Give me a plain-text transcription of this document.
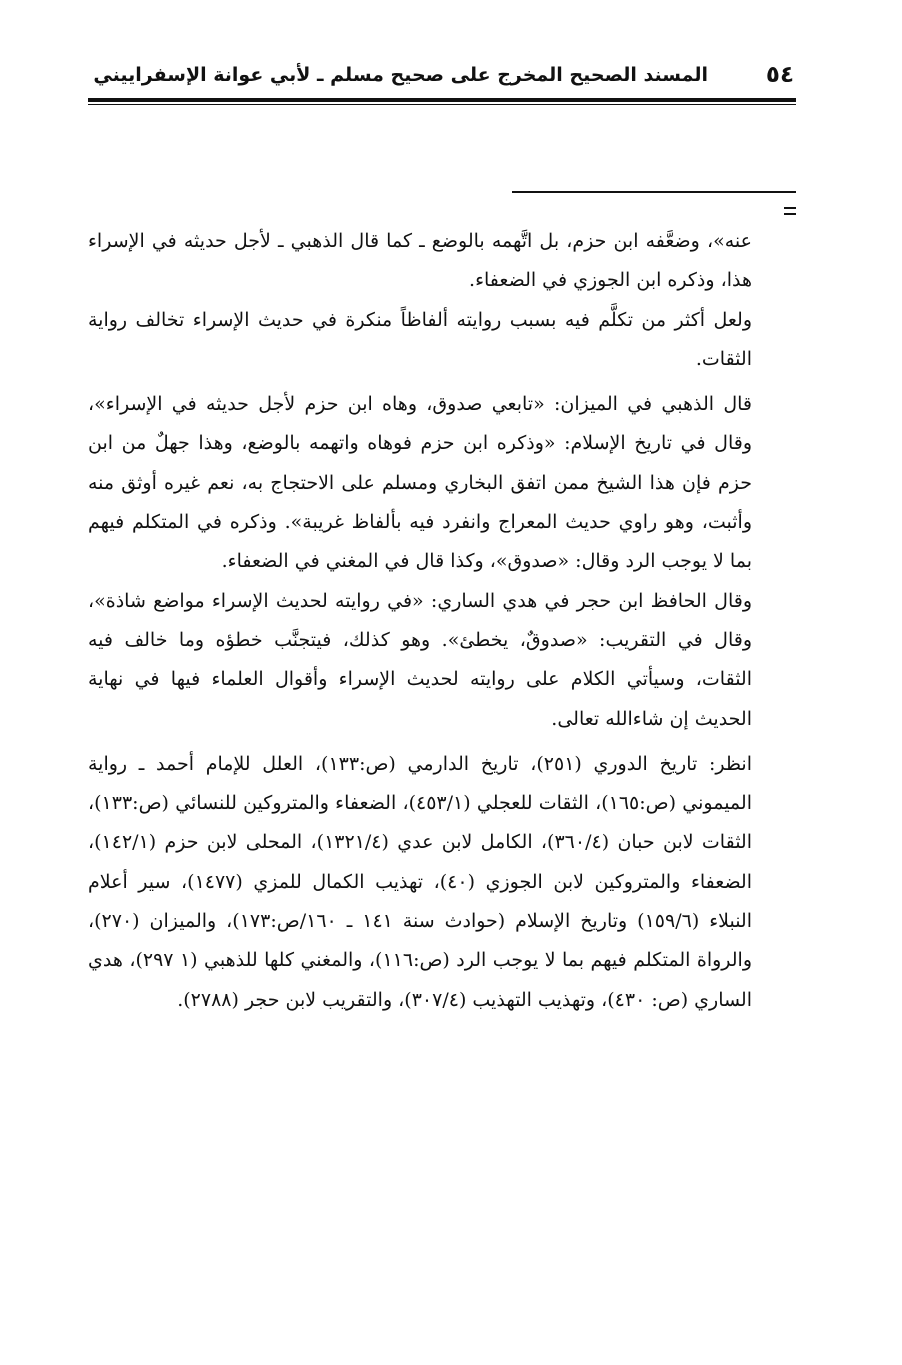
٥٤
المسند الصحيح المخرج على صحيح مسلم ـ لأبي عوانة الإسفراييني

عنه»، وضعَّفه ابن حزم، بل اتَّهمه بالوضع ـ كما قال الذهبي ـ لأجل حديثه في الإسراء هذا، وذكره ابن الجوزي في الضعفاء.

ولعل أكثر من تكلَّم فيه بسبب روايته ألفاظاً منكرة في حديث الإسراء تخالف رواية الثقات.

قال الذهبي في الميزان: «تابعي صدوق، وهاه ابن حزم لأجل حديثه في الإسراء»، وقال في تاريخ الإسلام: «وذكره ابن حزم فوهاه واتهمه بالوضع، وهذا جهلٌ من ابن حزم فإن هذا الشيخ ممن اتفق البخاري ومسلم على الاحتجاج به، نعم غيره أوثق منه وأثبت، وهو راوي حديث المعراج وانفرد فيه بألفاظ غريبة». وذكره في المتكلم فيهم بما لا يوجب الرد وقال: «صدوق»، وكذا قال في المغني في الضعفاء.

وقال الحافظ ابن حجر في هدي الساري: «في روايته لحديث الإسراء مواضع شاذة»، وقال في التقريب: «صدوقٌ، يخطئ». وهو كذلك، فيتجنَّب خطؤه وما خالف فيه الثقات، وسيأتي الكلام على روايته لحديث الإسراء وأقوال العلماء فيها في نهاية الحديث إن شاءالله تعالى.

انظر: تاريخ الدوري (٢٥١)، تاريخ الدارمي (ص:١٣٣)، العلل للإمام أحمد ـ رواية الميموني (ص:١٦٥)، الثقات للعجلي (٤٥٣/١)، الضعفاء والمتروكين للنسائي (ص:١٣٣)، الثقات لابن حبان (٣٦٠/٤)، الكامل لابن عدي (١٣٢١/٤)، المحلى لابن حزم (١٤٢/١)، الضعفاء والمتروكين لابن الجوزي (٤٠)، تهذيب الكمال للمزي (١٤٧٧)، سير أعلام النبلاء (١٥٩/٦) وتاريخ الإسلام (حوادث سنة ١٤١ ـ ١٦٠/ص:١٧٣)، والميزان (٢٧٠)، والرواة المتكلم فيهم بما لا يوجب الرد (ص:١١٦)، والمغني كلها للذهبي (١ ٢٩٧)، هدي الساري (ص: ٤٣٠)، وتهذيب التهذيب (٣٠٧/٤)، والتقريب لابن حجر (٢٧٨٨).
